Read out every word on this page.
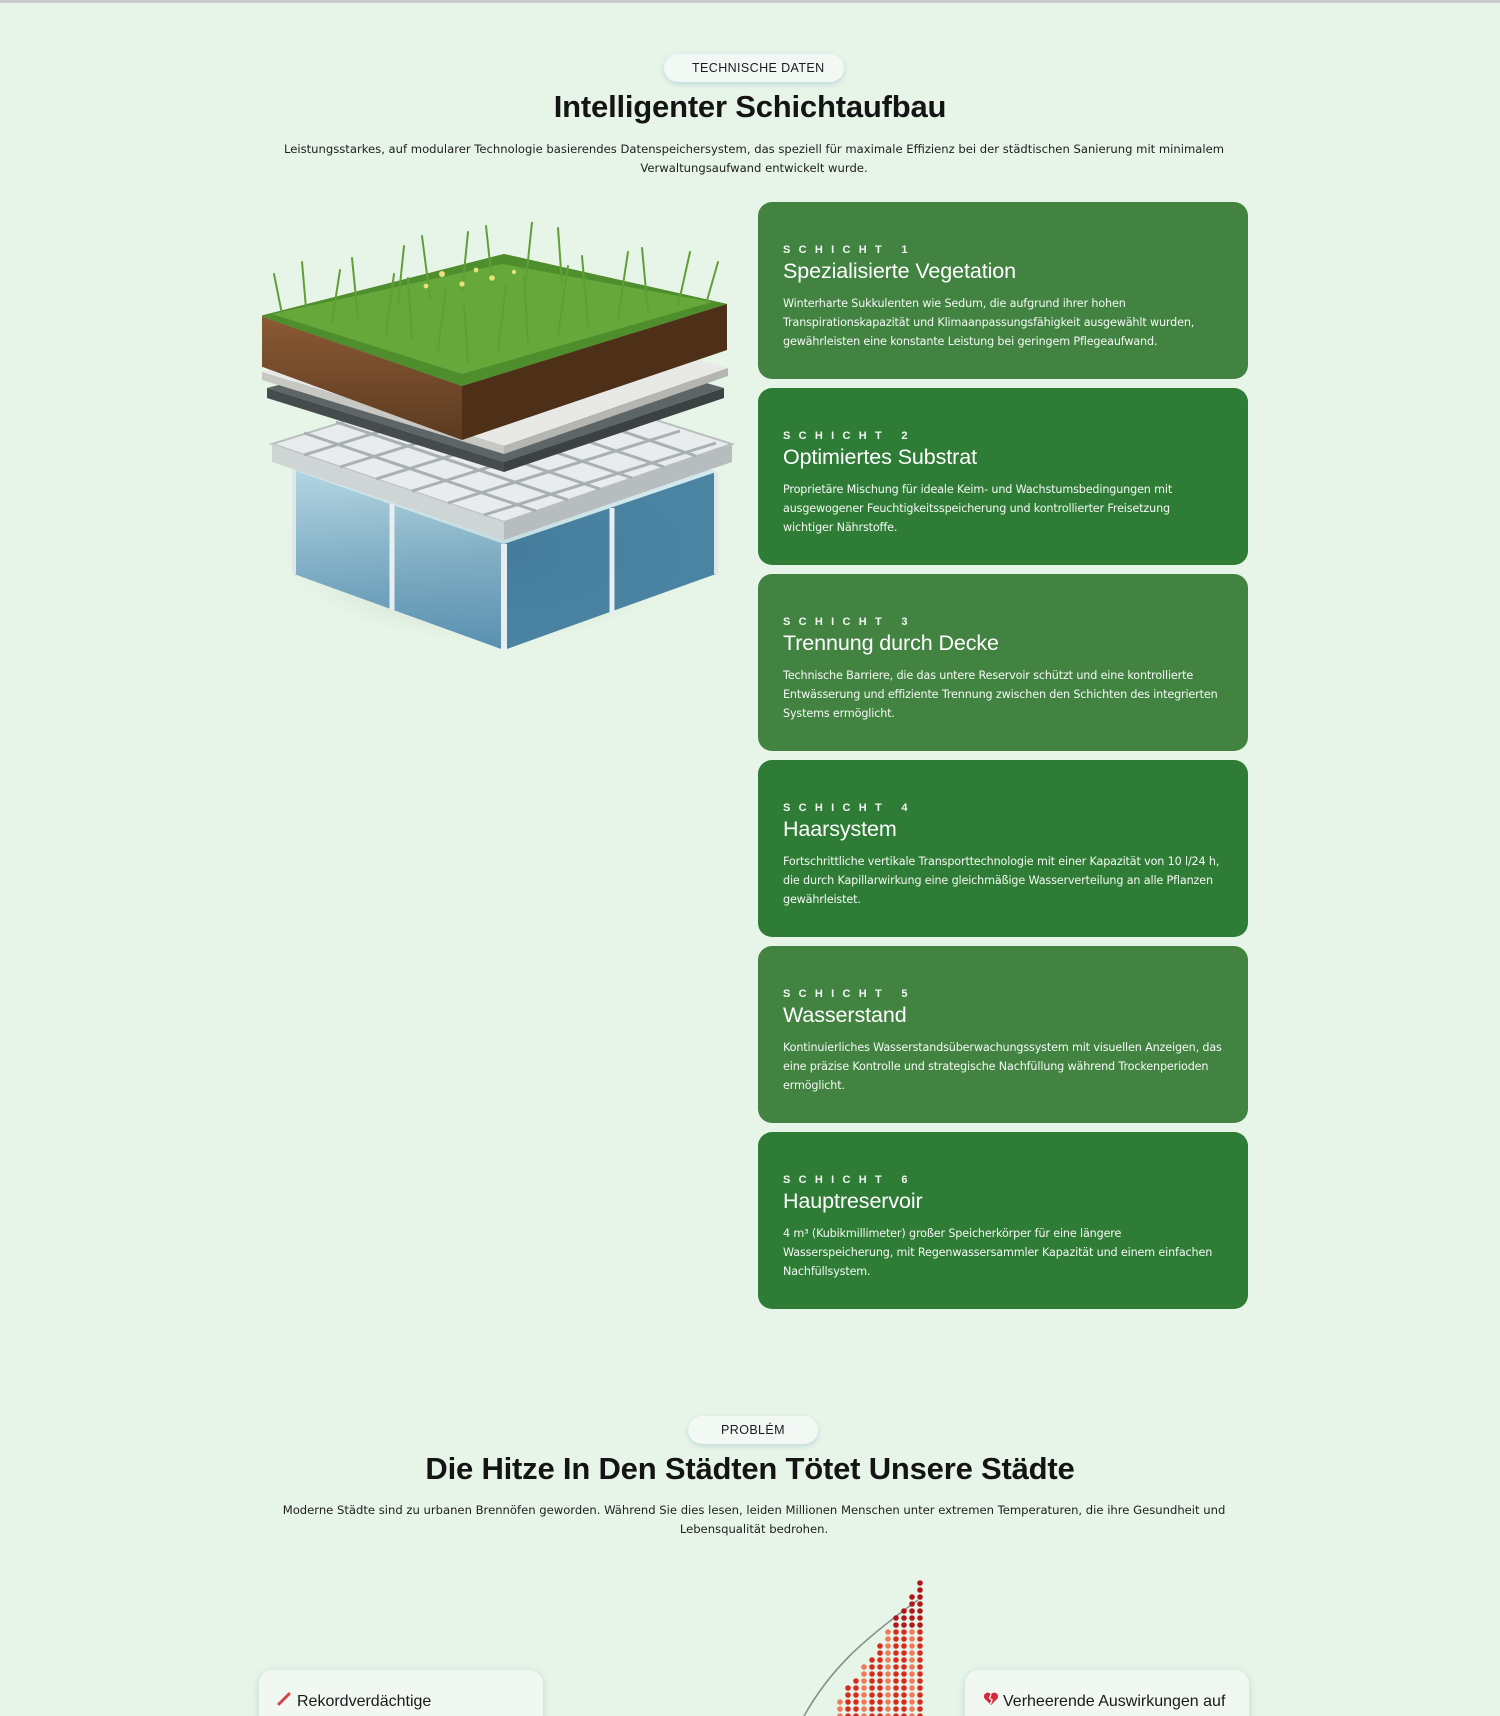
TECHNISCHE DATEN
Intelligenter Schichtaufbau

Leistungsstarkes, auf modularer Technologie basierendes Datenspeichersystem, das speziell für maximale Effizienz bei der städtischen Sanierung mit minimalem Verwaltungsaufwand entwickelt wurde.

SCHICHT 1
Spezialisierte Vegetation

Winterharte Sukkulenten wie Sedum, die aufgrund ihrer hohen Transpirationskapazität und Klimaanpassungsfähigkeit ausgewählt wurden, gewährleisten eine konstante Leistung bei geringem Pflegeaufwand.

SCHICHT 2
Optimiertes Substrat

Proprietäre Mischung für ideale Keim- und Wachstumsbedingungen mit ausgewogener Feuchtigkeitsspeicherung und kontrollierter Freisetzung wichtiger Nährstoffe.

SCHICHT 3
Trennung durch Decke

Technische Barriere, die das untere Reservoir schützt und eine kontrollierte Entwässerung und effiziente Trennung zwischen den Schichten des integrierten Systems ermöglicht.

SCHICHT 4
Haarsystem

Fortschrittliche vertikale Transporttechnologie mit einer Kapazität von 10 l/24 h, die durch Kapillarwirkung eine gleichmäßige Wasserverteilung an alle Pflanzen gewährleistet.

SCHICHT 5
Wasserstand

Kontinuierliches Wasserstandsüberwachungssystem mit visuellen Anzeigen, das eine präzise Kontrolle und strategische Nachfüllung während Trockenperioden ermöglicht.

SCHICHT 6
Hauptreservoir

4 m³ (Kubikmillimeter) großer Speicherkörper für eine längere Wasserspeicherung, mit Regenwassersammler Kapazität und einem einfachen Nachfüllsystem.

PROBLÉM
Die Hitze In Den Städten Tötet Unsere Städte

Moderne Städte sind zu urbanen Brennöfen geworden. Während Sie dies lesen, leiden Millionen Menschen unter extremen Temperaturen, die ihre Gesundheit und Lebensqualität bedrohen.

Rekordverdächtige	Verheerende Auswirkungen auf
